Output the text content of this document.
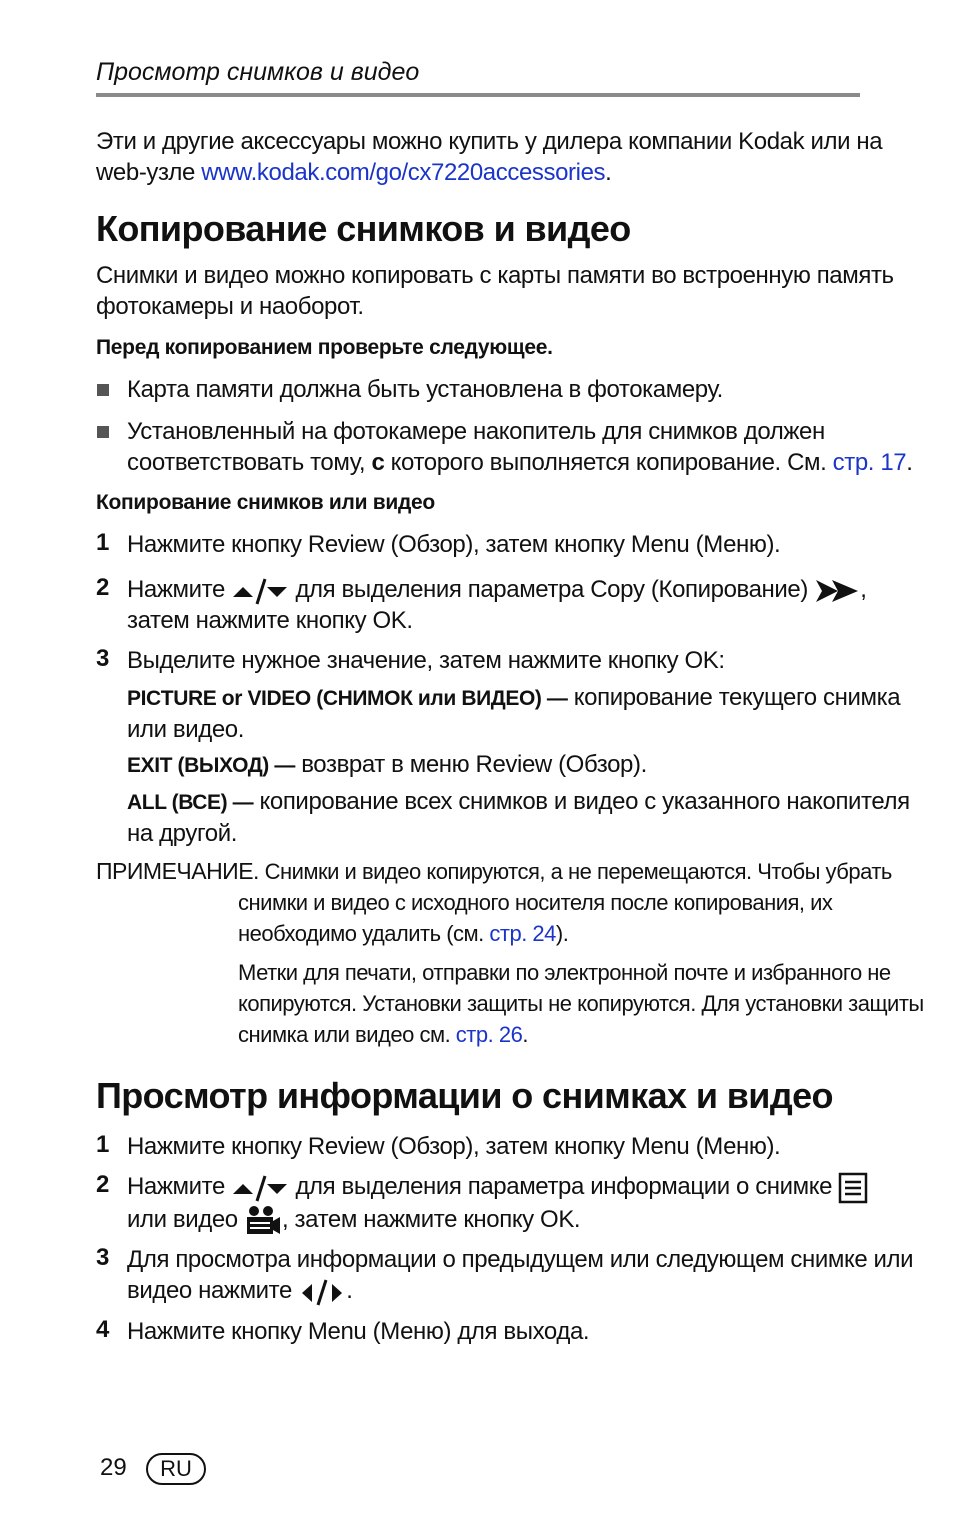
Просмотр снимков и видео
Эти и другие аксессуары можно купить у дилера компании Kodak или на
web-узле www.kodak.com/go/cx7220accessories.
Копирование снимков и видео
Снимки и видео можно копировать с карты памяти во встроенную память
фотокамеры и наоборот.
Перед копированием проверьте следующее.
Карта памяти должна быть установлена в фотокамеру.
Установленный на фотокамере накопитель для снимков должен
соответствовать тому, с которого выполняется копирование. См. стр. 17.
Копирование снимков или видео
1 Нажмите кнопку Review (Обзор), затем кнопку Menu (Меню).
2 Нажмите  для выделения параметра Copy (Копирование) ,
затем нажмите кнопку OK.
3 Выделите нужное значение, затем нажмите кнопку OK:
PICTURE or VIDEO (СНИМОК или ВИДЕО) — копирование текущего снимка
или видео.
EXIT (ВЫХОД) — возврат в меню Review (Обзор).
ALL (ВСЕ) — копирование всех снимков и видео с указанного накопителя
на другой.
ПРИМЕЧАНИЕ. Снимки и видео копируются, а не перемещаются. Чтобы убрать
снимки и видео с исходного носителя после копирования, их
необходимо удалить (см. стр. 24).
Метки для печати, отправки по электронной почте и избранного не
копируются. Установки защиты не копируются. Для установки защиты
снимка или видео см. стр. 26.
Просмотр информации о снимках и видео
1 Нажмите кнопку Review (Обзор), затем кнопку Menu (Меню).
2 Нажмите  для выделения параметра информации о снимке
или видео , затем нажмите кнопку OK.
3 Для просмотра информации о предыдущем или следующем снимке или
видео нажмите .
4 Нажмите кнопку Menu (Меню) для выхода.
29	RU
